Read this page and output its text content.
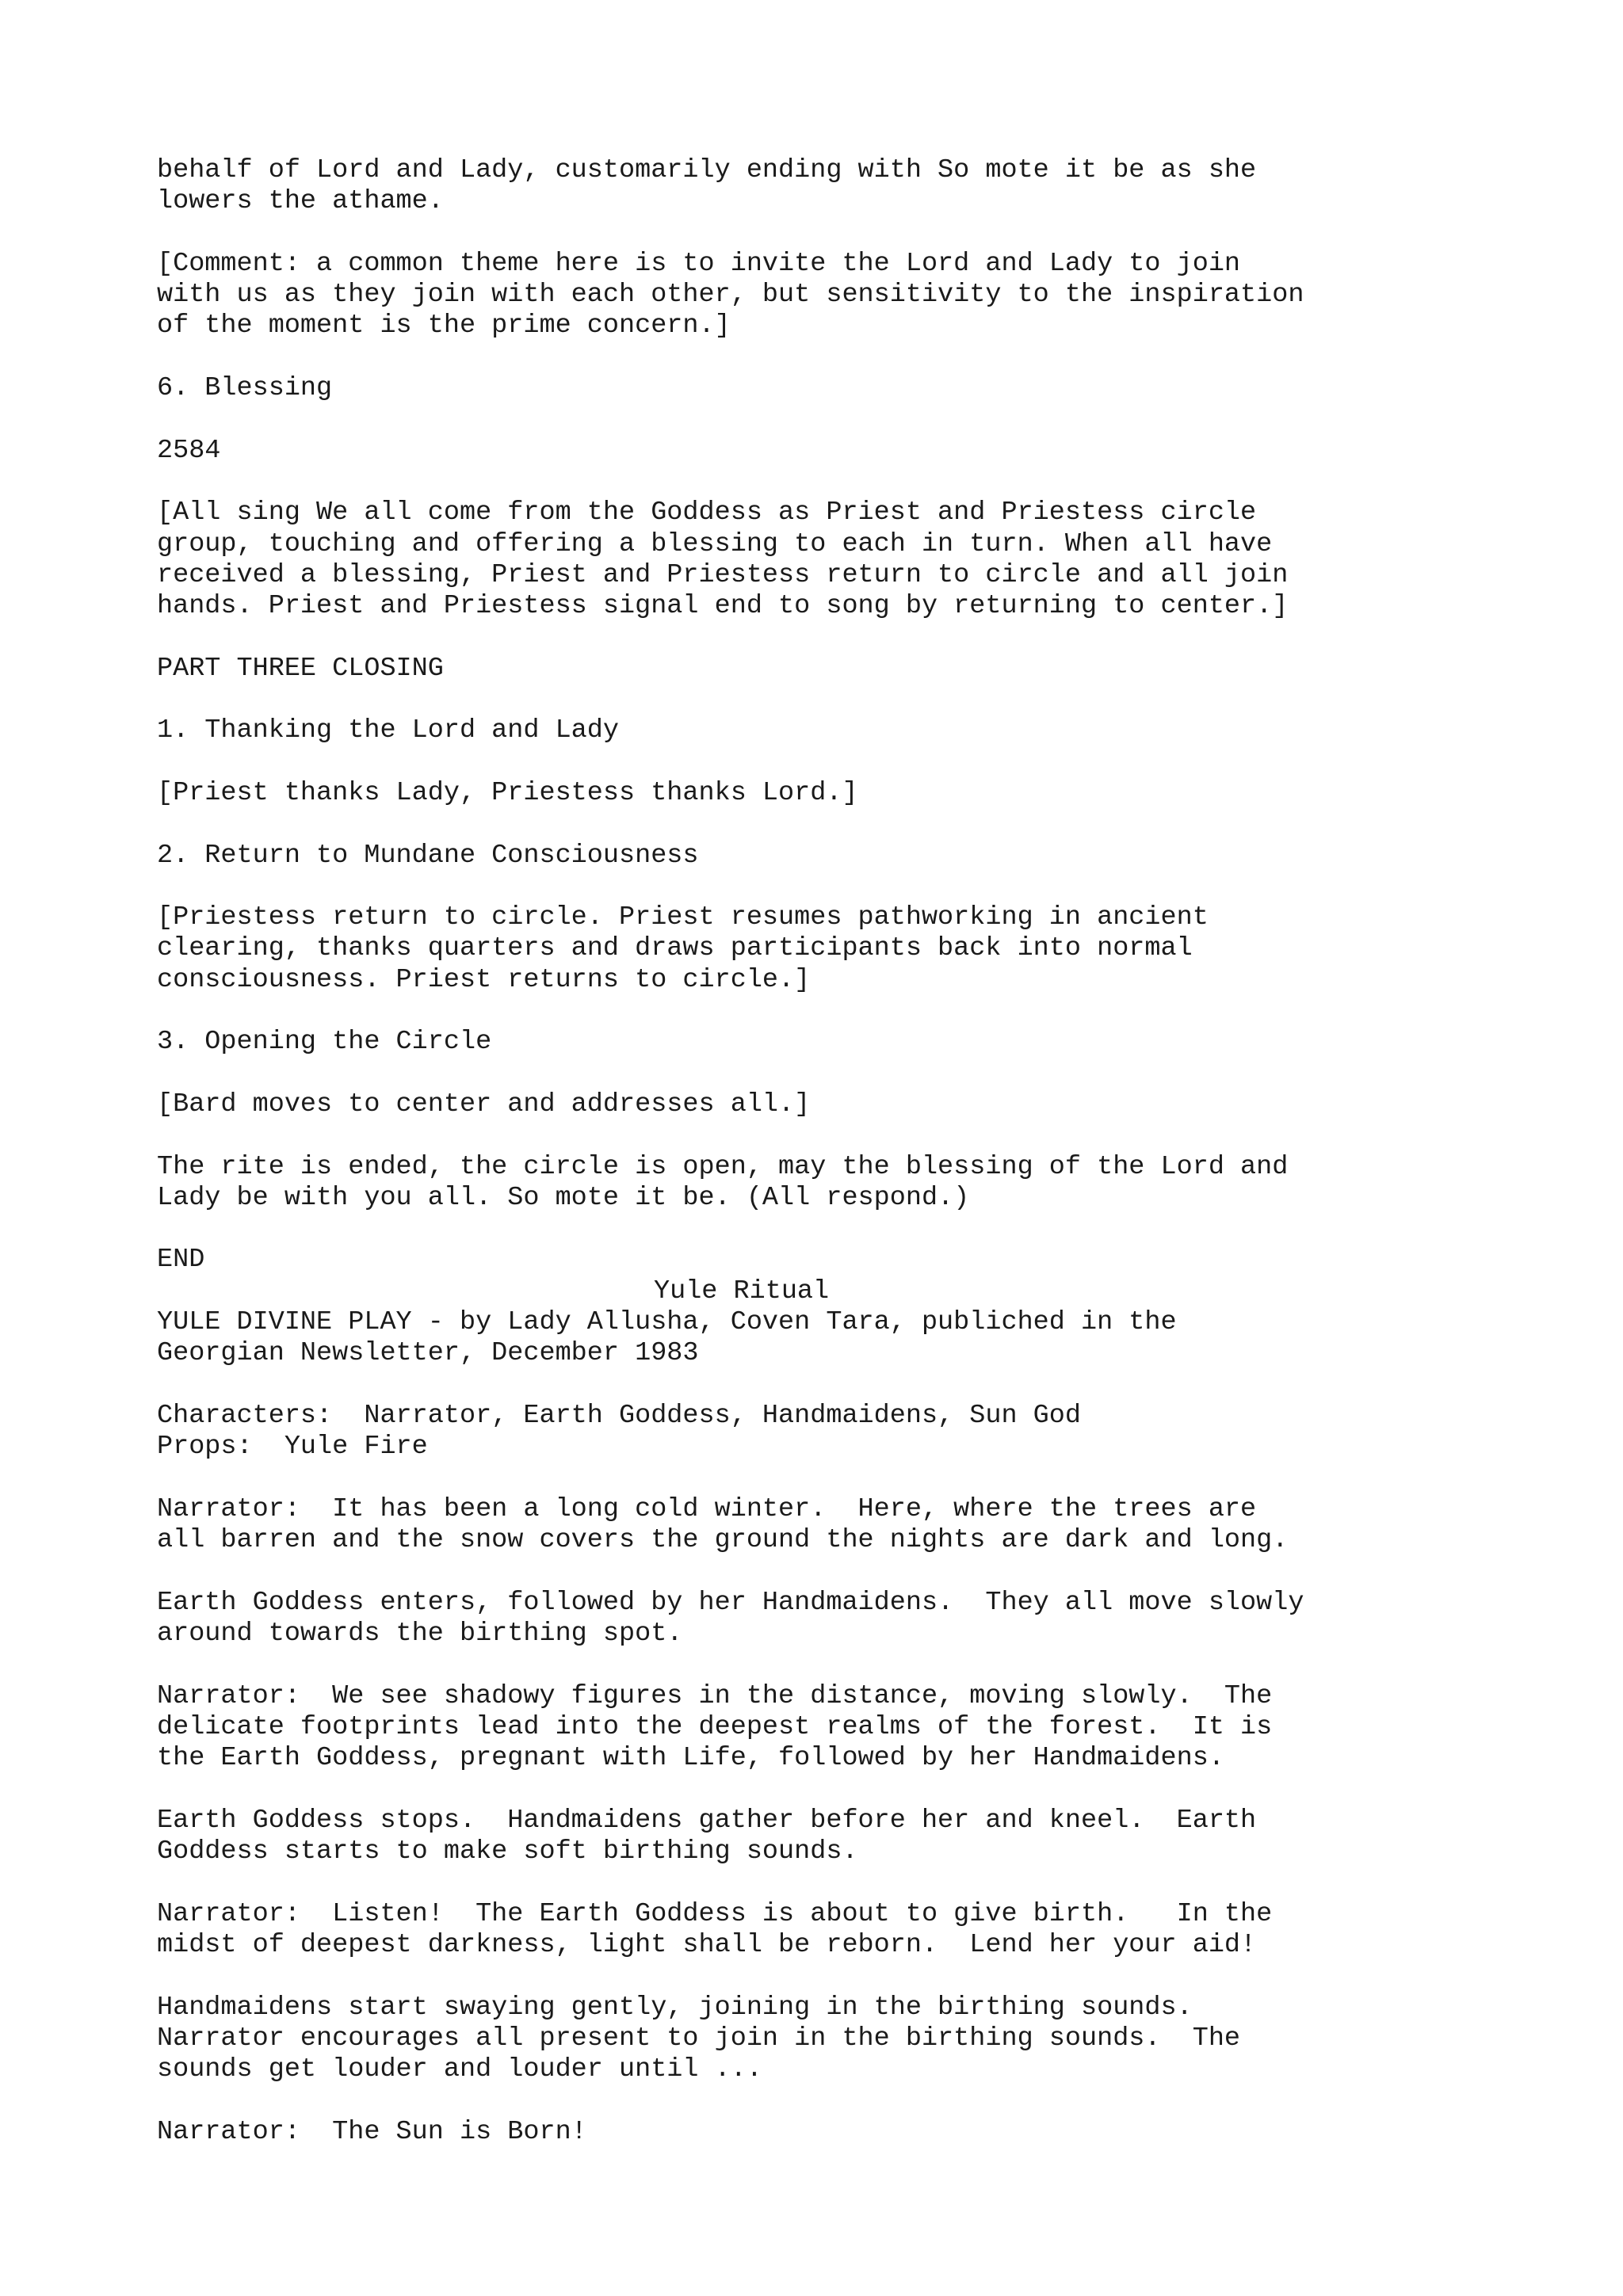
behalf of Lord and Lady, customarily ending with So mote it be as she
lowers the athame.
[Comment: a common theme here is to invite the Lord and Lady to join
with us as they join with each other, but sensitivity to the inspiration
of the moment is the prime concern.]
6. Blessing
2584
[All sing We all come from the Goddess as Priest and Priestess circle
group, touching and offering a blessing to each in turn. When all have
received a blessing, Priest and Priestess return to circle and all join
hands. Priest and Priestess signal end to song by returning to center.]
PART THREE CLOSING
1. Thanking the Lord and Lady
[Priest thanks Lady, Priestess thanks Lord.]
2. Return to Mundane Consciousness
[Priestess return to circle. Priest resumes pathworking in ancient
clearing, thanks quarters and draws participants back into normal
consciousness. Priest returns to circle.]
3. Opening the Circle
[Bard moves to center and addresses all.]
The rite is ended, the circle is open, may the blessing of the Lord and
Lady be with you all. So mote it be. (All respond.)
END
Yule Ritual
YULE DIVINE PLAY - by Lady Allusha, Coven Tara, publiched in the
Georgian Newsletter, December 1983
Characters:  Narrator, Earth Goddess, Handmaidens, Sun God
Props:  Yule Fire
Narrator:  It has been a long cold winter.  Here, where the trees are
all barren and the snow covers the ground the nights are dark and long.
Earth Goddess enters, followed by her Handmaidens.  They all move slowly
around towards the birthing spot.
Narrator:  We see shadowy figures in the distance, moving slowly.  The
delicate footprints lead into the deepest realms of the forest.  It is
the Earth Goddess, pregnant with Life, followed by her Handmaidens.
Earth Goddess stops.  Handmaidens gather before her and kneel.  Earth
Goddess starts to make soft birthing sounds.
Narrator:  Listen!  The Earth Goddess is about to give birth.   In the
midst of deepest darkness, light shall be reborn.  Lend her your aid!
Handmaidens start swaying gently, joining in the birthing sounds.
Narrator encourages all present to join in the birthing sounds.  The
sounds get louder and louder until ...
Narrator:  The Sun is Born!
